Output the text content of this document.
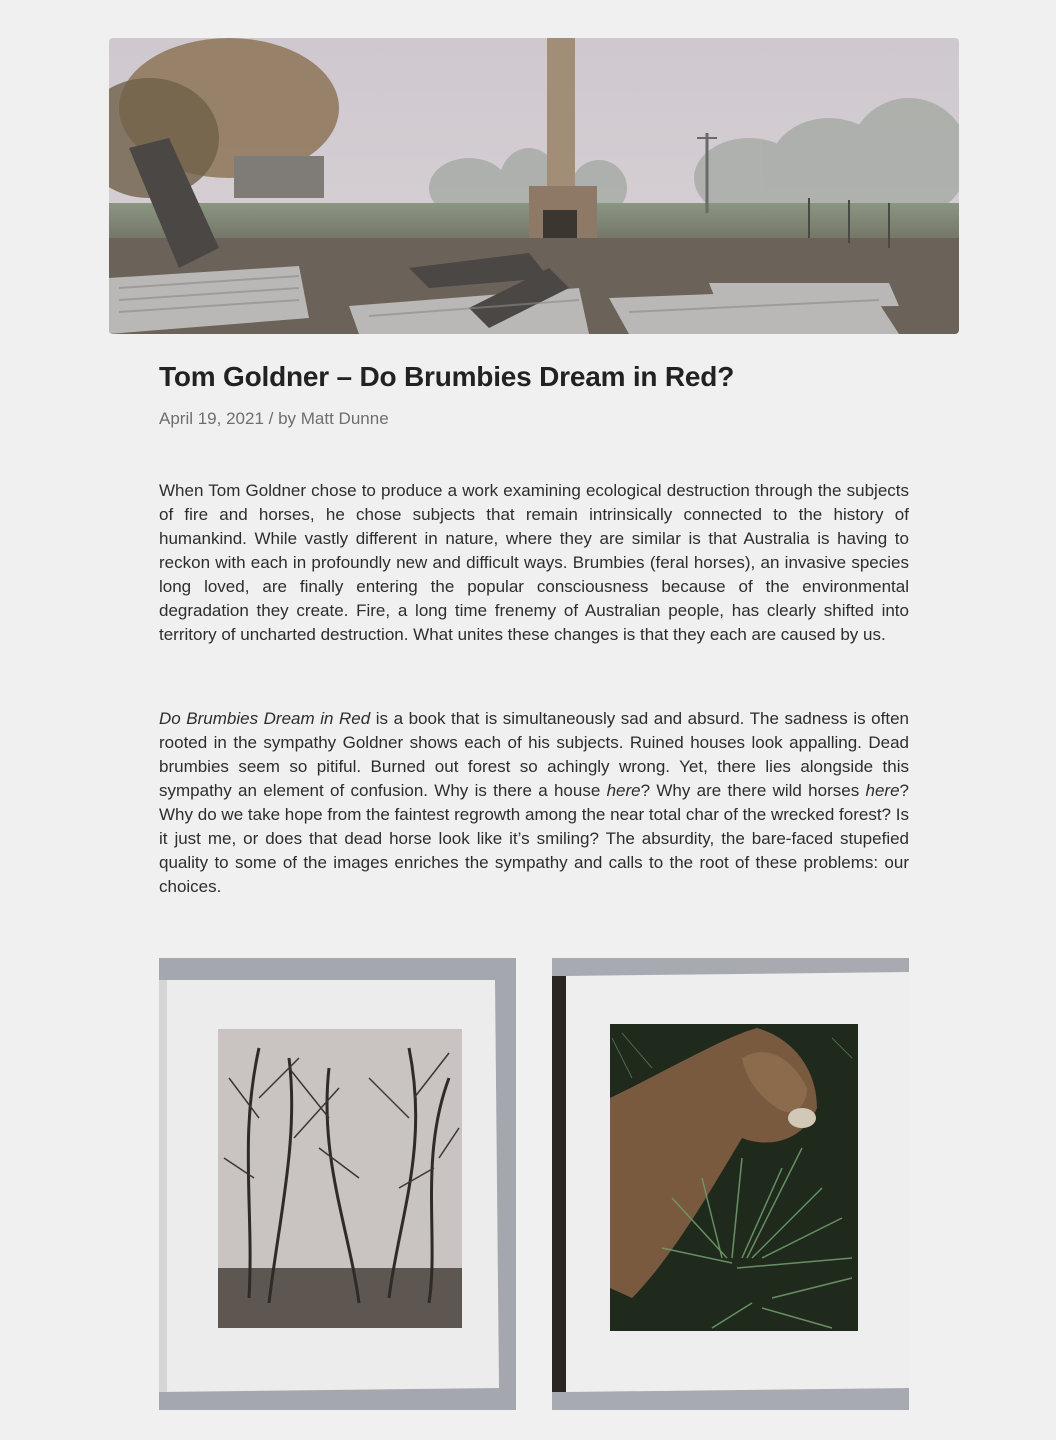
Tom Goldner – Do Brumbies Dream in Red?
April 19, 2021 / by Matt Dunne

When Tom Goldner chose to produce a work examining ecological destruction through the subjects of fire and horses, he chose subjects that remain intrinsically connected to the history of humankind. While vastly different in nature, where they are similar is that Australia is having to reckon with each in profoundly new and difficult ways. Brumbies (feral horses), an invasive species long loved, are finally entering the popular consciousness because of the environmental degradation they create. Fire, a long time frenemy of Australian people, has clearly shifted into territory of uncharted destruction. What unites these changes is that they each are caused by us.

Do Brumbies Dream in Red is a book that is simultaneously sad and absurd. The sadness is often rooted in the sympathy Goldner shows each of his subjects. Ruined houses look appalling. Dead brumbies seem so pitiful. Burned out forest so achingly wrong. Yet, there lies alongside this sympathy an element of confusion. Why is there a house here? Why are there wild horses here? Why do we take hope from the faintest regrowth among the near total char of the wrecked forest? Is it just me, or does that dead horse look like it’s smiling? The absurdity, the bare-faced stupefied quality to some of the images enriches the sympathy and calls to the root of these problems: our choices.
